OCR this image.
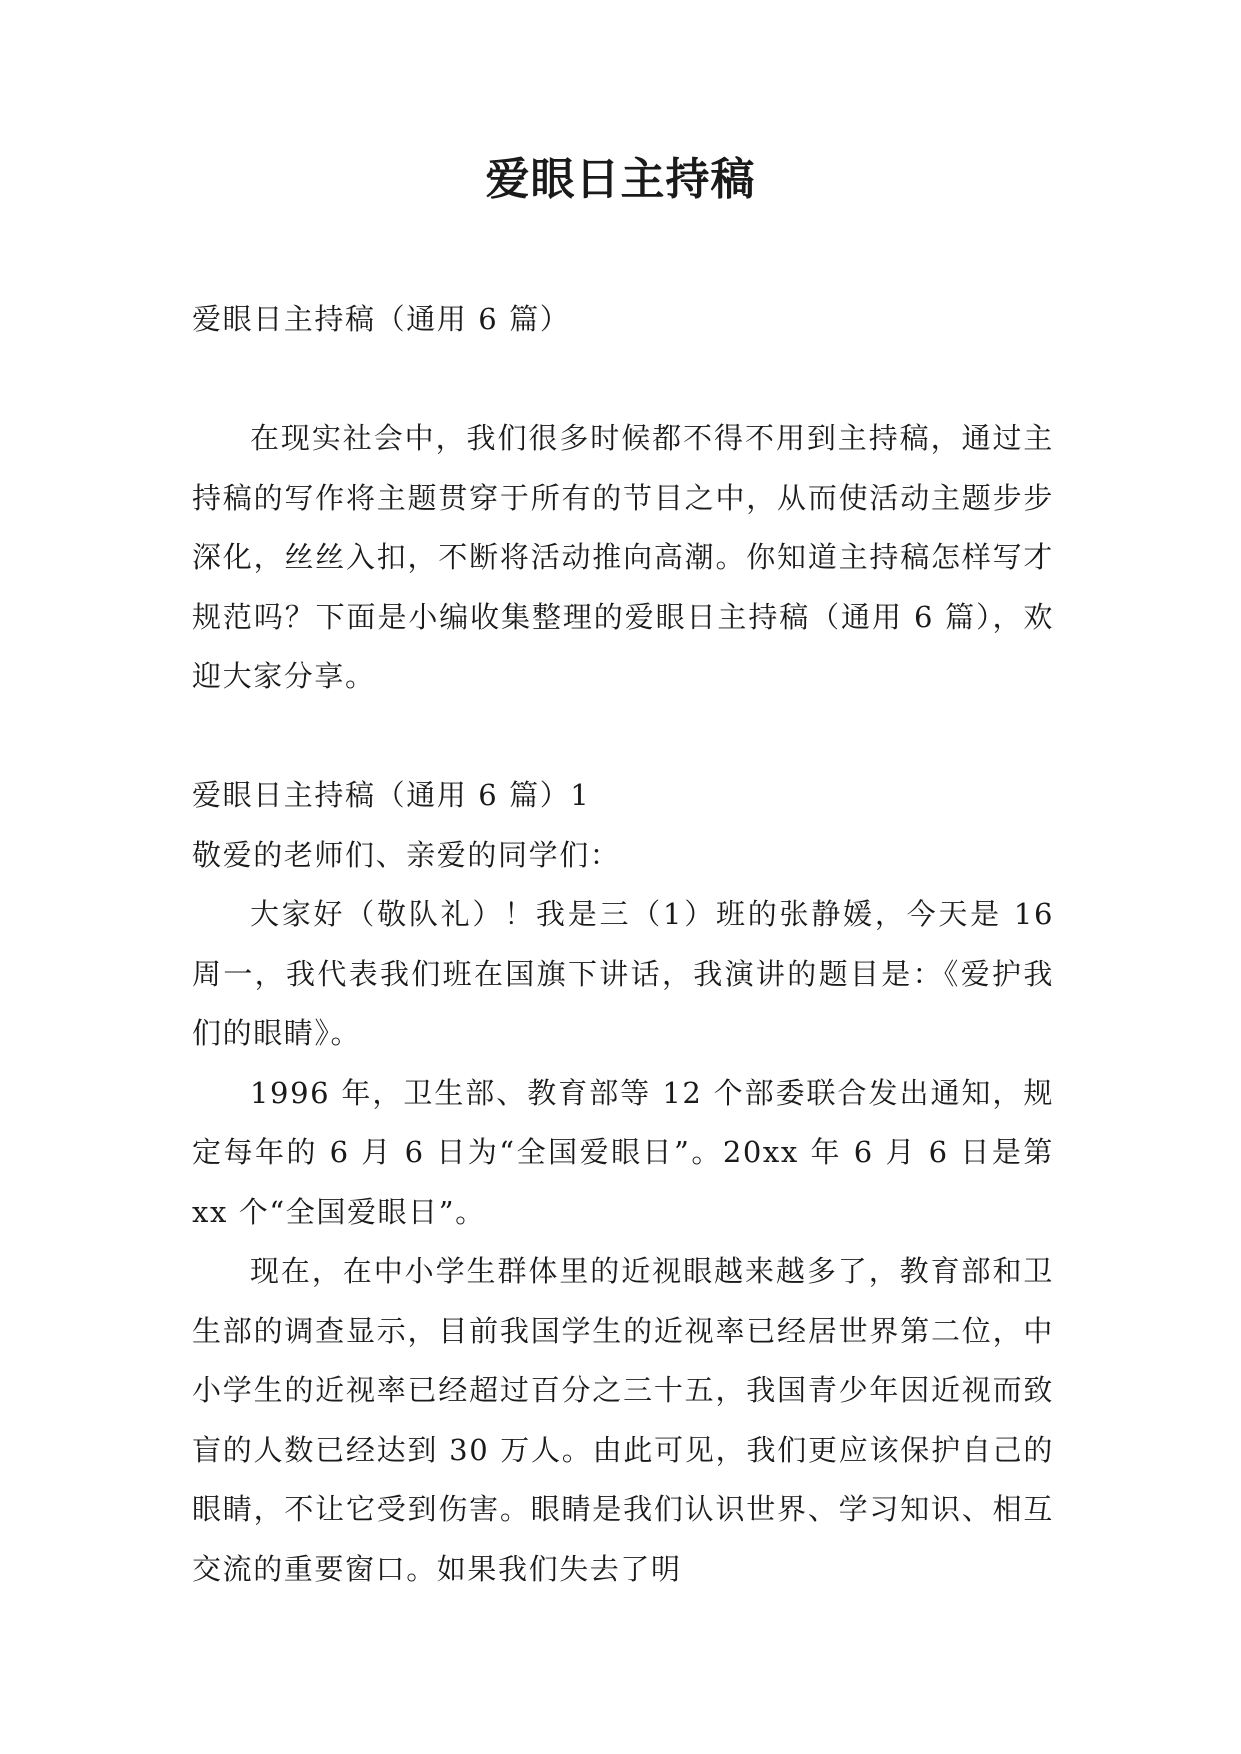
爱眼日主持稿

爱眼日主持稿（通用 6 篇）

在现实社会中，我们很多时候都不得不用到主持稿，通过主持稿的写作将主题贯穿于所有的节目之中，从而使活动主题步步深化，丝丝入扣，不断将活动推向高潮。你知道主持稿怎样写才规范吗？下面是小编收集整理的爱眼日主持稿（通用 6 篇），欢迎大家分享。

爱眼日主持稿（通用 6 篇）1

敬爱的老师们、亲爱的同学们：

大家好（敬队礼）！我是三（1）班的张静媛，今天是 16 周一，我代表我们班在国旗下讲话，我演讲的题目是：《爱护我们的眼睛》。

1996 年，卫生部、教育部等 12 个部委联合发出通知，规定每年的 6 月 6 日为“全国爱眼日”。20xx 年 6 月 6 日是第 xx 个“全国爱眼日”。

现在，在中小学生群体里的近视眼越来越多了，教育部和卫生部的调查显示，目前我国学生的近视率已经居世界第二位，中小学生的近视率已经超过百分之三十五，我国青少年因近视而致盲的人数已经达到 30 万人。由此可见，我们更应该保护自己的眼睛，不让它受到伤害。眼睛是我们认识世界、学习知识、相互交流的重要窗口。如果我们失去了明
